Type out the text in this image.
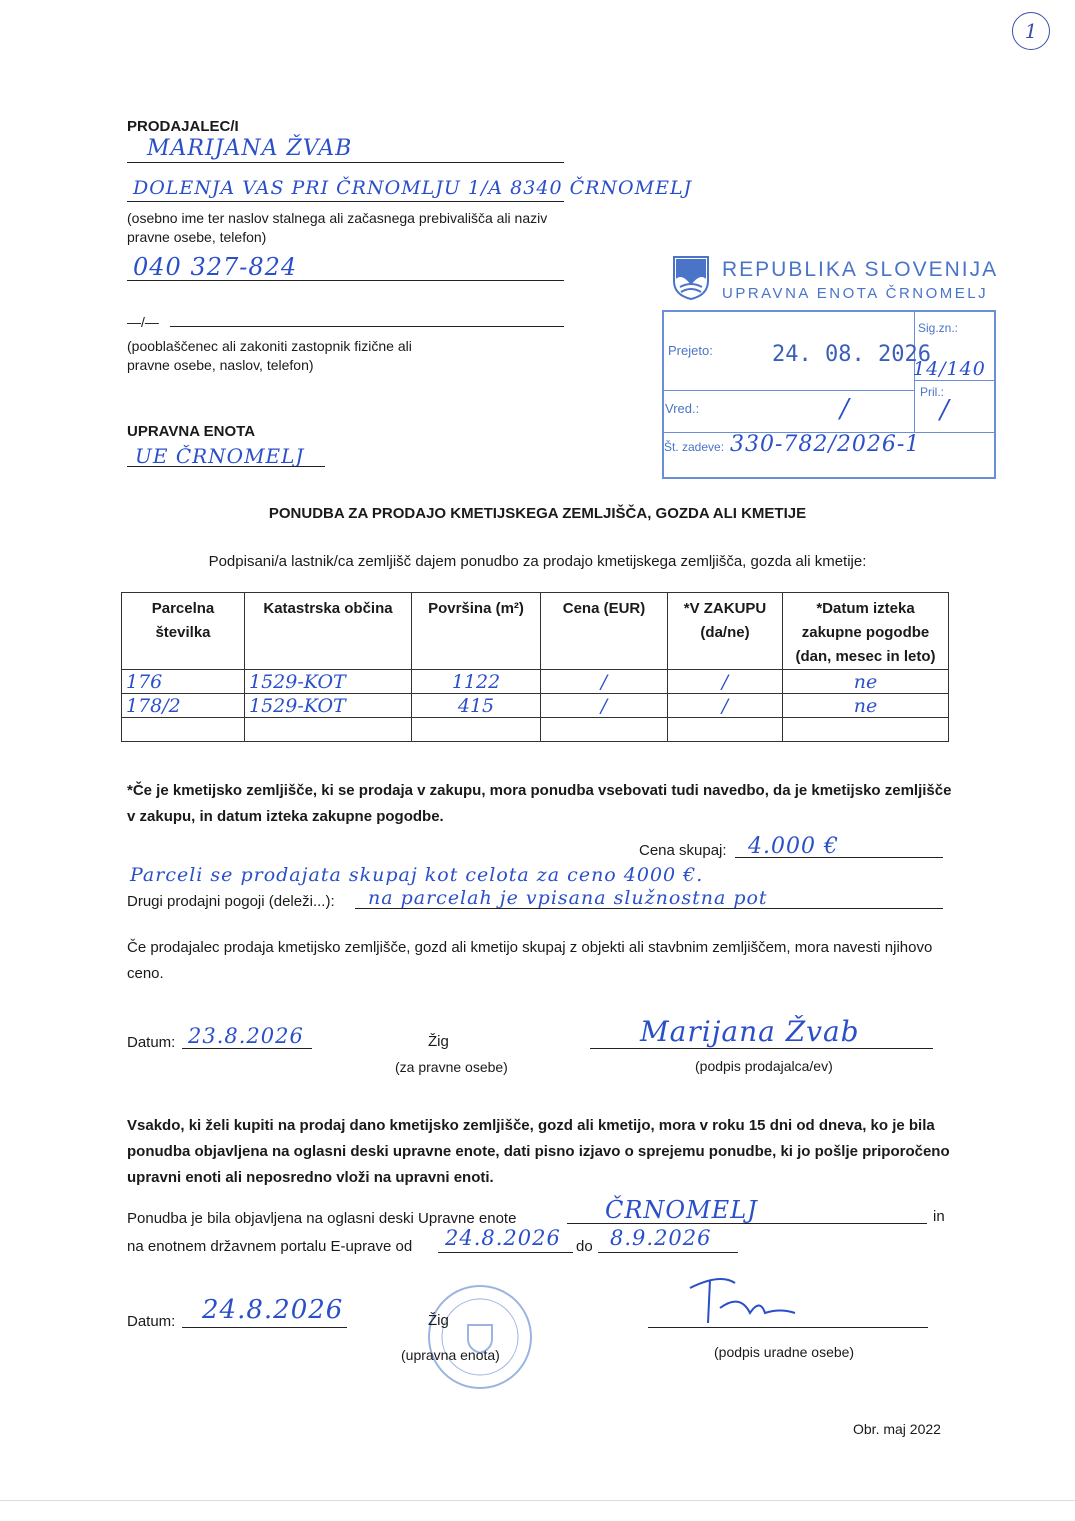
1
PRODAJALEC/I
MARIJANA ŽVAB
DOLENJA VAS PRI ČRNOMLJU 1/A 8340 ČRNOMELJ
(osebno ime ter naslov stalnega ali začasnega prebivališča ali naziv pravne osebe, telefon)
040 327-824
—/—
(pooblaščenec ali zakoniti zastopnik fizične ali pravne osebe, naslov, telefon)
UPRAVNA ENOTA
UE ČRNOMELJ
REPUBLIKA SLOVENIJA
UPRAVNA ENOTA ČRNOMELJ
Prejeto:	24. 08. 2026
Sig.zn.:
14/140
Pril.:
/
Vred.:	/
Št. zadeve: 330-782/2026-1
PONUDBA ZA PRODAJO KMETIJSKEGA ZEMLJIŠČA, GOZDA ALI KMETIJE
Podpisani/a lastnik/ca zemljišč dajem ponudbo za prodajo kmetijskega zemljišča, gozda ali kmetije:
Parcelna številka	Katastrska občina	Površina (m²)	Cena (EUR)	*V ZAKUPU (da/ne)	*Datum izteka zakupne pogodbe (dan, mesec in leto)
176	1529-KOT	1122	/	/	ne
178/2	1529-KOT	415	/	/	ne

*Če je kmetijsko zemljišče, ki se prodaja v zakupu, mora ponudba vsebovati tudi navedbo, da je kmetijsko zemljišče v zakupu, in datum izteka zakupne pogodbe.
Cena skupaj: 4.000 €
Parceli se prodajata skupaj kot celota za ceno 4000 €.
Drugi prodajni pogoji (deleži...): na parcelah je vpisana služnostna pot
Če prodajalec prodaja kmetijsko zemljišče, gozd ali kmetijo skupaj z objekti ali stavbnim zemljiščem, mora navesti njihovo ceno.
Datum: 23.8.2026	Žig
(za pravne osebe)
Marijana Žvab
(podpis prodajalca/ev)
Vsakdo, ki želi kupiti na prodaj dano kmetijsko zemljišče, gozd ali kmetijo, mora v roku 15 dni od dneva, ko je bila ponudba objavljena na oglasni deski upravne enote, dati pisno izjavo o sprejemu ponudbe, ki jo pošlje priporočeno upravni enoti ali neposredno vloži na upravni enoti.
Ponudba je bila objavljena na oglasni deski Upravne enote	ČRNOMELJ	in
na enotnem državnem portalu E-uprave od 24.8.2026 do 8.9.2026
Datum: 24.8.2026	Žig
(upravna enota)	(podpis uradne osebe)
Obr. maj 2022
